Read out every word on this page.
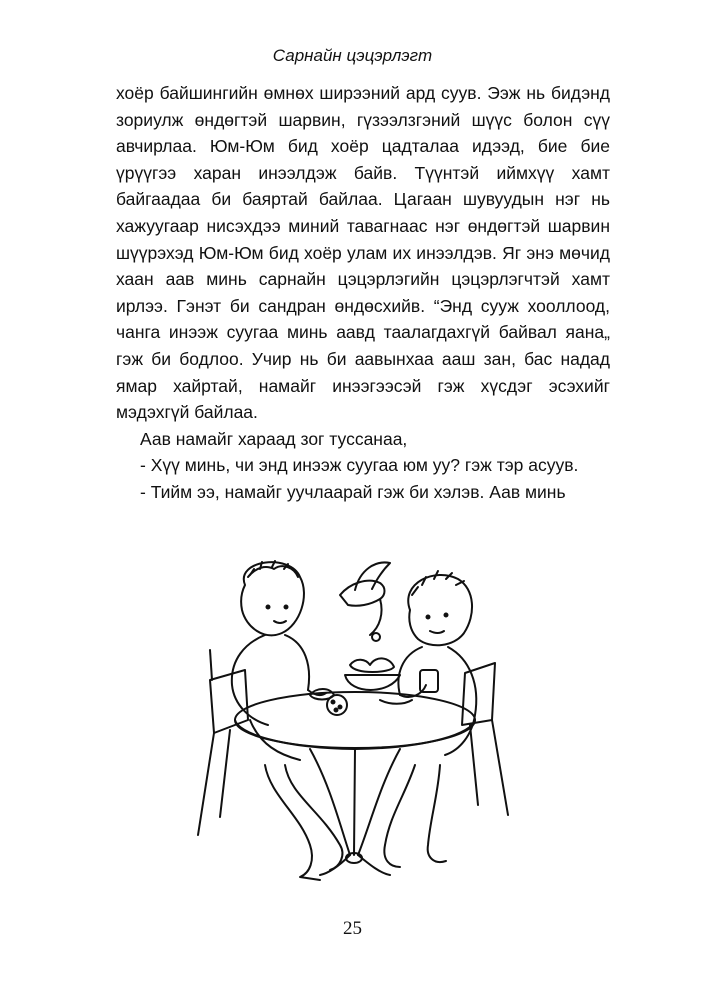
Сарнайн цэцэрлэгт

хоёр байшингийн өмнөх ширээний ард суув. Ээж нь бидэнд зориулж өндөгтэй шарвин, гүзээлзгэний шүүс болон сүү авчирлаа. Юм-Юм бид хоёр цадталаа идээд, бие бие үрүүгээ харан инээлдэж байв. Түүнтэй иймхүү хамт байгаадаа би баяртай байлаа. Цагаан шувуудын нэг нь хажуугаар нисэхдээ миний тавагнаас нэг өндөгтэй шарвин шүүрэхэд Юм-Юм бид хоёр улам их инээлдэв. Яг энэ мөчид хаан аав минь сарнайн цэцэрлэгийн цэцэрлэгчтэй хамт ирлээ. Гэнэт би сандран өндөсхийв. “Энд сууж хооллоод, чанга инээж суугаа минь аавд таалагдахгүй байвал яана„ гэж би бодлоо. Учир нь би аавынхаа ааш зан, бас надад ямар хайртай, намайг инээгээсэй гэж хүсдэг эсэхийг мэдэхгүй байлаа.

Аав намайг хараад зог тусcанаа,

- Хүү минь, чи энд инээж суугаа юм уу? гэж тэр асуув.

- Тийм ээ, намайг уучлаарай гэж би хэлэв. Аав минь

25
